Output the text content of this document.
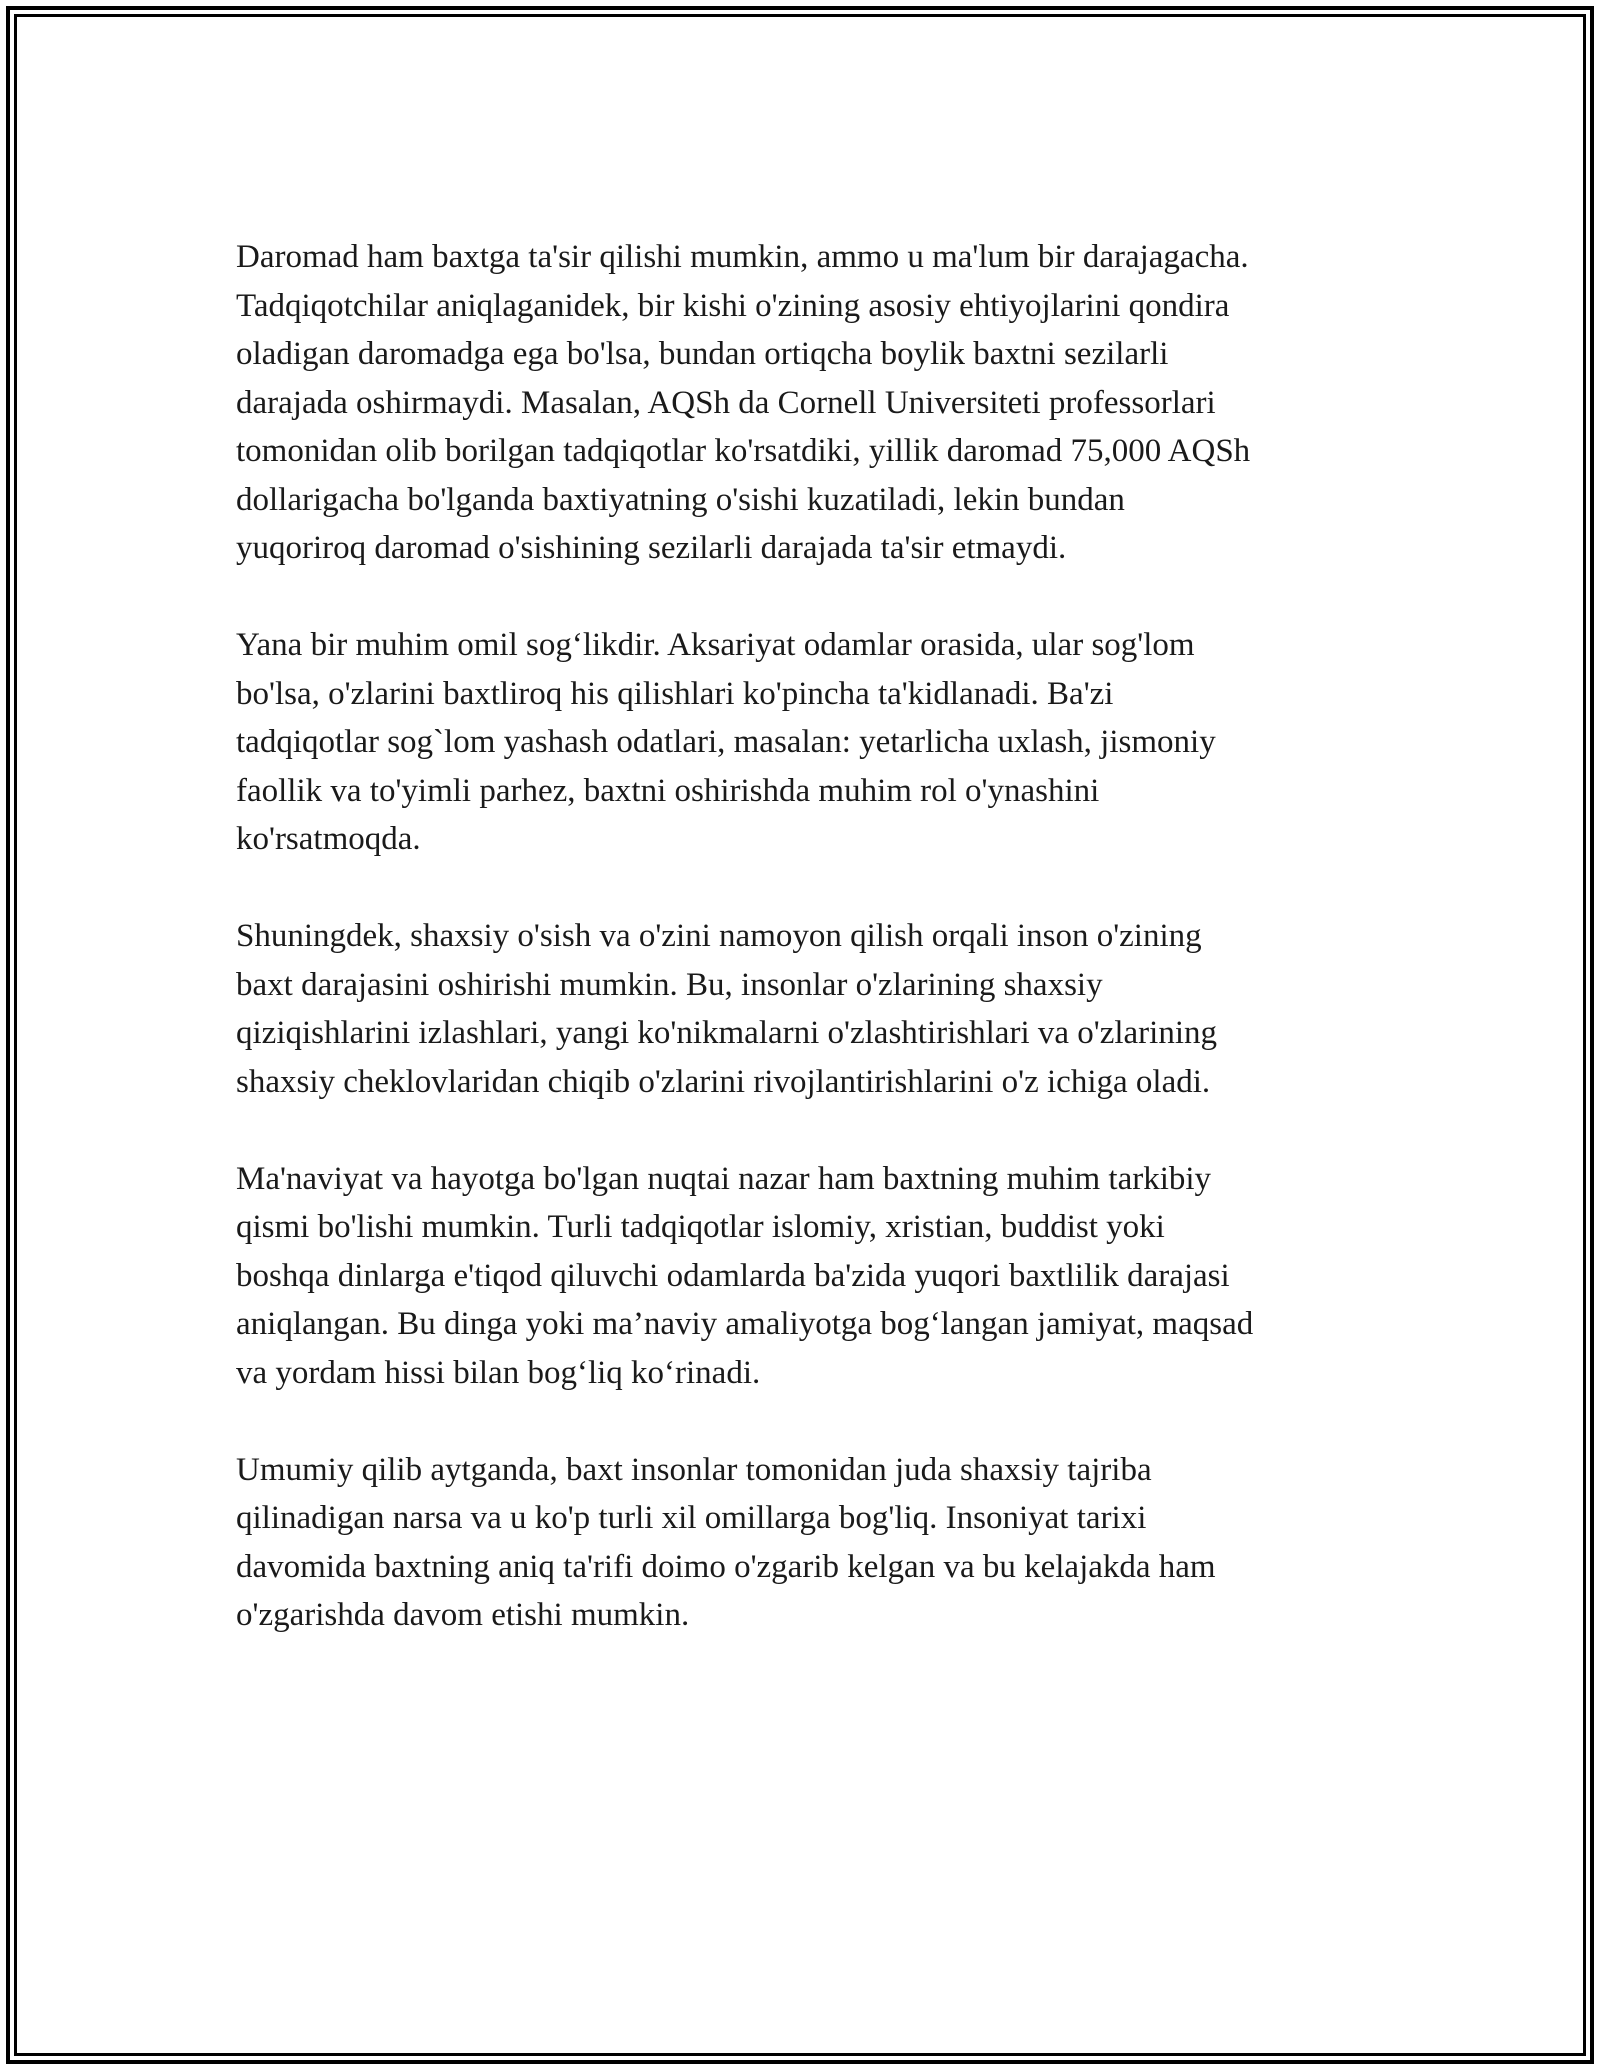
Daromad ham baxtga ta'sir qilishi mumkin, ammo u ma'lum bir darajagacha.
Tadqiqotchilar aniqlaganidek, bir kishi o'zining asosiy ehtiyojlarini qondira
oladigan daromadga ega bo'lsa, bundan ortiqcha boylik baxtni sezilarli
darajada oshirmaydi. Masalan, AQSh da Cornell Universiteti professorlari
tomonidan olib borilgan tadqiqotlar ko'rsatdiki, yillik daromad 75,000 AQSh
dollarigacha bo'lganda baxtiyatning o'sishi kuzatiladi, lekin bundan
yuqoriroq daromad o'sishining sezilarli darajada ta'sir etmaydi.

Yana bir muhim omil sog‘likdir. Aksariyat odamlar orasida, ular sog'lom
bo'lsa, o'zlarini baxtliroq his qilishlari ko'pincha ta'kidlanadi. Ba'zi
tadqiqotlar sog`lom yashash odatlari, masalan: yetarlicha uxlash, jismoniy
faollik va to'yimli parhez, baxtni oshirishda muhim rol o'ynashini
ko'rsatmoqda.

Shuningdek, shaxsiy o'sish va o'zini namoyon qilish orqali inson o'zining
baxt darajasini oshirishi mumkin. Bu, insonlar o'zlarining shaxsiy
qiziqishlarini izlashlari, yangi ko'nikmalarni o'zlashtirishlari va o'zlarining
shaxsiy cheklovlaridan chiqib o'zlarini rivojlantirishlarini o'z ichiga oladi.

Ma'naviyat va hayotga bo'lgan nuqtai nazar ham baxtning muhim tarkibiy
qismi bo'lishi mumkin. Turli tadqiqotlar islomiy, xristian, buddist yoki
boshqa dinlarga e'tiqod qiluvchi odamlarda ba'zida yuqori baxtlilik darajasi
aniqlangan. Bu dinga yoki ma’naviy amaliyotga bog‘langan jamiyat, maqsad
va yordam hissi bilan bog‘liq ko‘rinadi.

Umumiy qilib aytganda, baxt insonlar tomonidan juda shaxsiy tajriba
qilinadigan narsa va u ko'p turli xil omillarga bog'liq. Insoniyat tarixi
davomida baxtning aniq ta'rifi doimo o'zgarib kelgan va bu kelajakda ham
o'zgarishda davom etishi mumkin.
